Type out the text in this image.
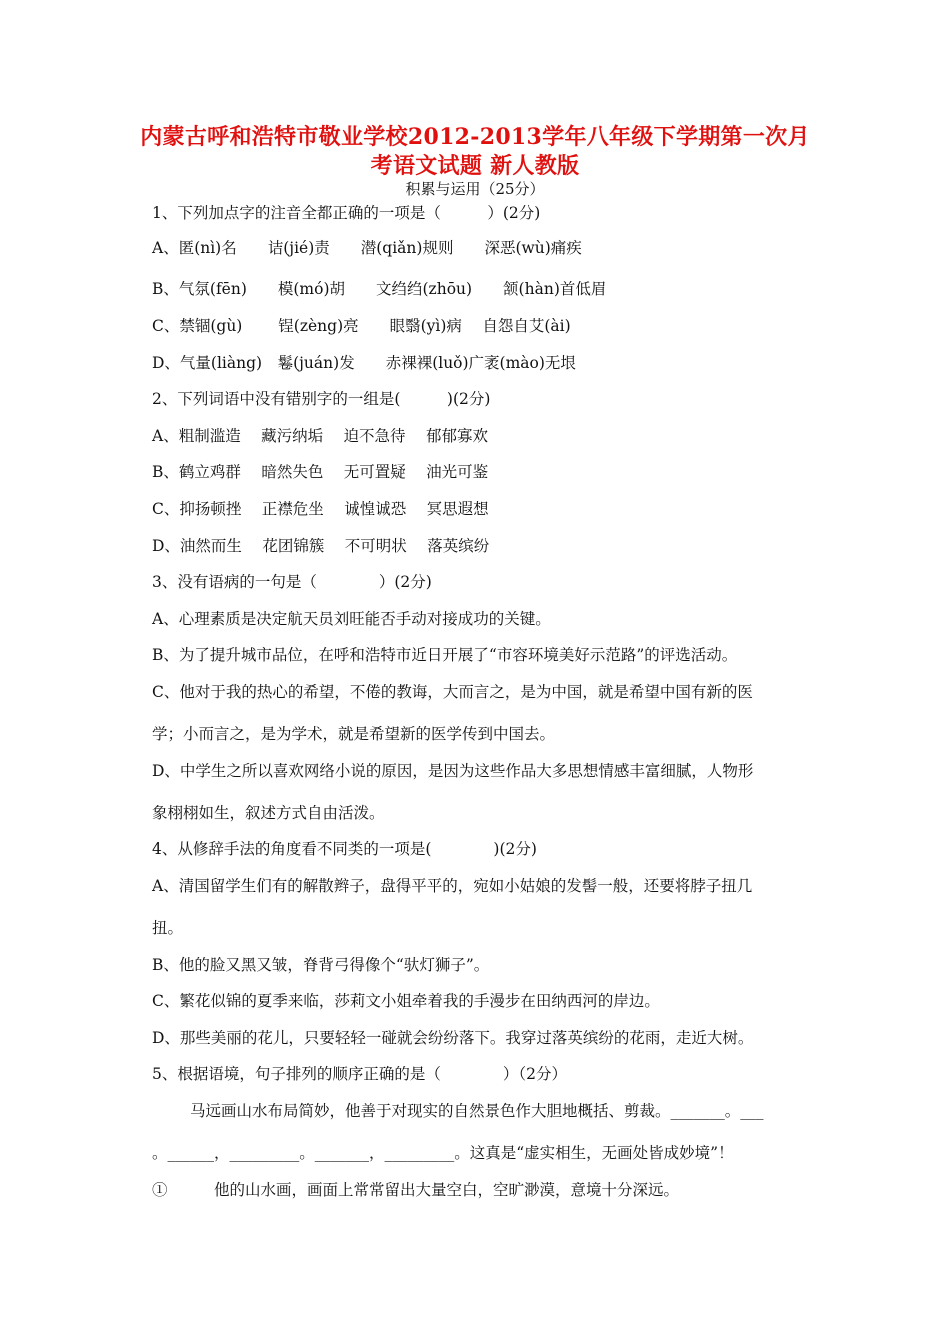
内蒙古呼和浩特市敬业学校2012-2013学年八年级下学期第一次月
考语文试题 新人教版
积累与运用（25分）
1、下列加点字的注音全都正确的一项是（　　　）(2分)
A、匿(nì)名　　诘(jié)责　　潜(qiǎn)规则　　深恶(wù)痛疾
B、气氛(fēn)　　模(mó)胡　　文绉绉(zhōu)　　颔(hàn)首低眉
C、禁锢(gù)　　 锃(zèng)亮　　眼翳(yì)病　 自怨自艾(ài)
D、气量(liàng)　鬈(juán)发　　赤裸裸(luǒ)广袤(mào)无垠
2、下列词语中没有错别字的一组是(　　　)(2分)
A、粗制滥造　 藏污纳垢　 迫不急待　 郁郁寡欢
B、鹤立鸡群　 暗然失色　 无可置疑　 油光可鉴
C、抑扬顿挫　 正襟危坐　 诚惶诚恐　 冥思遐想
D、油然而生　 花团锦簇　 不可明状　 落英缤纷
3、没有语病的一句是（　　　　）(2分)
A、心理素质是决定航天员刘旺能否手动对接成功的关键。
B、为了提升城市品位，在呼和浩特市近日开展了“市容环境美好示范路”的评选活动。
C、他对于我的热心的希望，不倦的教诲，大而言之，是为中国，就是希望中国有新的医
学；小而言之，是为学术，就是希望新的医学传到中国去。
D、中学生之所以喜欢网络小说的原因，是因为这些作品大多思想情感丰富细腻，人物形
象栩栩如生，叙述方式自由活泼。
4、从修辞手法的角度看不同类的一项是(　　　　)(2分)
A、清国留学生们有的解散辫子，盘得平平的，宛如小姑娘的发髻一般，还要将脖子扭几
扭。
B、他的脸又黑又皱，脊背弓得像个“驮灯狮子”。
C、繁花似锦的夏季来临，莎莉文小姐牵着我的手漫步在田纳西河的岸边。
D、那些美丽的花儿，只要轻轻一碰就会纷纷落下。我穿过落英缤纷的花雨，走近大树。
5、根据语境，句子排列的顺序正确的是（　　　　）（2分）
马远画山水布局简妙，他善于对现实的自然景色作大胆地概括、剪裁。_______。___
。______，_________。_______，_________。这真是“虚实相生，无画处皆成妙境”！
①　　　他的山水画，画面上常常留出大量空白，空旷渺漠，意境十分深远。
